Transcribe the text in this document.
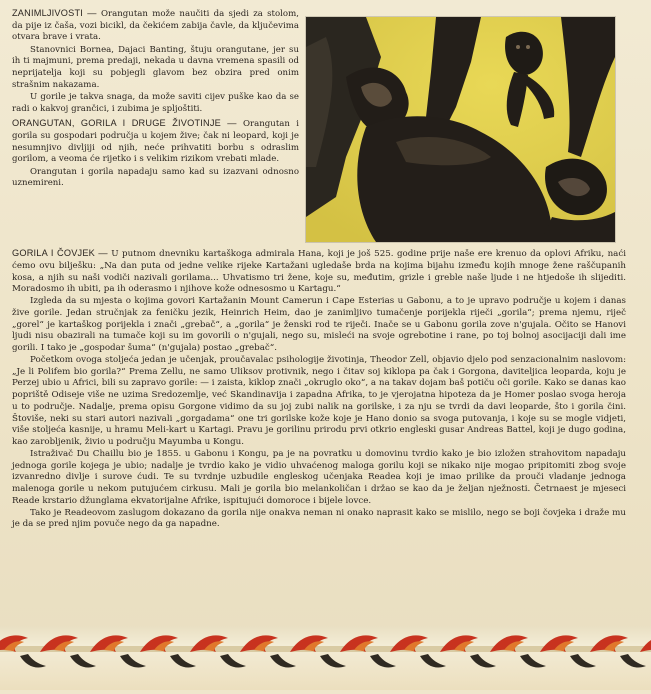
ZANIMLJIVOSTI — Orangutan može naučiti da sjedi za stolom, da pije iz čaša, vozi bicikl, da čekićem zabija čavle, da ključevima otvara brave i vrata.

Stanovnici Bornea, Dajaci Banting, štuju orangutane, jer su ih ti majmuni, prema predaji, nekada u davna vremena spasili od neprijatelja koji su pobjegli glavom bez obzira pred onim strašnim nakazama.

U gorile je takva snaga, da može saviti cijev puške kao da se radi o kakvoj grančici, i zubima je spljoštiti.

ORANGUTAN, GORILA I DRUGE ŽIVOTINJE — Orangutan i gorila su gospodari područja u kojem žive; čak ni leopard, koji je nesumnjivo divljiji od njih, neće prihvatiti borbu s odraslim gorilom, a veoma će rijetko i s velikim rizikom vrebati mlade.

Orangutan i gorila napadaju samo kad su izazvani odnosno uznemireni.

GORILA I ČOVJEK — U putnom dnevniku kartaškoga admirala Hana, koji je još 525. godine prije naše ere krenuo da oplovi Afriku, naći ćemo ovu bilješku: „Na dan puta od jedne velike rijeke Kartažani ugledaše brda na kojima bijahu između kojih mnoge žene raščupanih kosa, a njih su naši vodiči nazivali gorilama... Uhvatismo tri žene, koje su, međutim, grizle i greble naše ljude i ne htjedoše ih slijediti. Moradosmo ih ubiti, pa ih oderasmo i njihove kože odnesosmo u Kartagu.“

Izgleda da su mjesta o kojima govori Kartažanin Mount Camerun i Cape Esterias u Gabonu, a to je upravo područje u kojem i danas žive gorile. Jedan stručnjak za feničku jezik, Heinrich Heim, dao je zanimljivo tumačenje porijekla riječi „gorila“; prema njemu, riječ „gorel“ je kartaškog porijekla i znači „grebač“, a „gorila“ je ženski rod te riječi. Inače se u Gabonu gorila zove n'gujala. Očito se Hanovi ljudi nisu obazirali na tumače koji su im govorili o n'gujali, nego su, misleći na svoje ogrebotine i rane, po toj bolnoj asocijaciji dali ime gorili. I tako je „gospodar šuma“ (n'gujala) postao „grebač“.

Početkom ovoga stoljeća jedan je učenjak, proučavalac psihologije životinja, Theodor Zell, objavio djelo pod senzacionalnim naslovom: „Je li Polifem bio gorila?“ Prema Zellu, ne samo Uliksov protivnik, nego i čitav soj kiklopa pa čak i Gorgona, daviteljica leoparda, koju je Perzej ubio u Africi, bili su zapravo gorile: — i zaista, kiklop znači „okruglo oko“, a na takav dojam baš potiču oči gorile. Kako se danas kao popriště Odiseje više ne uzima Sredozemlje, već Skandinavija i zapadna Afrika, to je vjerojatna hipoteza da je Homer poslao svoga heroja u to područje. Nadalje, prema opisu Gorgone vidimo da su joj zubi nalik na gorilske, i za nju se tvrdi da davi leoparde, što i gorila čini. Štoviše, neki su stari autori nazivali „gorgadama“ one tri gorilske kože koje je Hano donio sa svoga putovanja, i koje su se mogle vidjeti, više stoljeća kasnije, u hramu Meli-kart u Kartagi. Pravu je gorilinu prirodu prvi otkrio engleski gusar Andreas Battel, koji je dugo godina, kao zarobljenik, živio u području Mayumba u Kongu.

Istraživač Du Chaillu bio je 1855. u Gabonu i Kongu, pa je na povratku u domovinu tvrdio kako je bio izložen strahovitom napadaju jednoga gorile kojega je ubio; nadalje je tvrdio kako je vidio uhvaćenog maloga gorilu koji se nikako nije mogao pripitomiti zbog svoje izvanredno divlje i surove ćudi. Te su tvrdnje uzbudile engleskog učenjaka Readea koji je imao prilike da prouči vladanje jednoga malenoga gorile u nekom putujućem cirkusu. Mali je gorila bio melankoličan i držao se kao da je željan nježnosti. Četrnaest je mjeseci Reade krstario džunglama ekvatorijalne Afrike, ispitujući domoroce i bijele lovce.

Tako je Readeovom zaslugom dokazano da gorila nije onakva neman ni onako naprasit kako se mislilo, nego se boji čovjeka i draže mu je da se pred njim povuče nego da ga napadne.
